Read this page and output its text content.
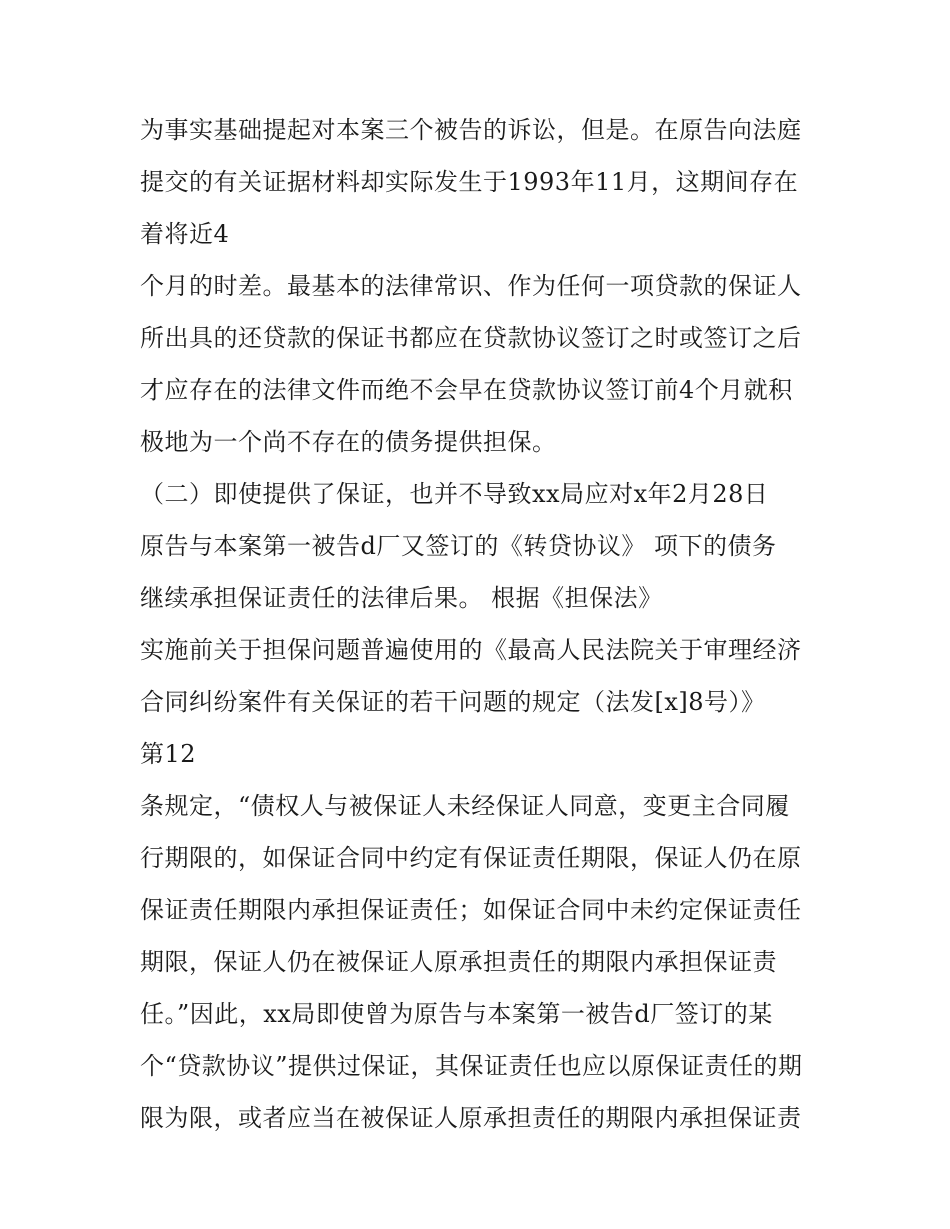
为事实基础提起对本案三个被告的诉讼，但是。在原告向法庭
提交的有关证据材料却实际发生于1993年11月，这期间存在
着将近4
个月的时差。最基本的法律常识、作为任何一项贷款的保证人
所出具的还贷款的保证书都应在贷款协议签订之时或签订之后
才应存在的法律文件而绝不会早在贷款协议签订前4个月就积
极地为一个尚不存在的债务提供担保。
（二）即使提供了保证，也并不导致xx局应对x年2月28日
原告与本案第一被告d厂又签订的《转贷协议》 项下的债务
继续承担保证责任的法律后果。 根据《担保法》
实施前关于担保问题普遍使用的《最高人民法院关于审理经济
合同纠纷案件有关保证的若干问题的规定（法发[x]8号）》
第12
条规定，“债权人与被保证人未经保证人同意，变更主合同履
行期限的，如保证合同中约定有保证责任期限，保证人仍在原
保证责任期限内承担保证责任；如保证合同中未约定保证责任
期限，保证人仍在被保证人原承担责任的期限内承担保证责
任。”因此，xx局即使曾为原告与本案第一被告d厂签订的某
个“贷款协议”提供过保证，其保证责任也应以原保证责任的期
限为限，或者应当在被保证人原承担责任的期限内承担保证责
